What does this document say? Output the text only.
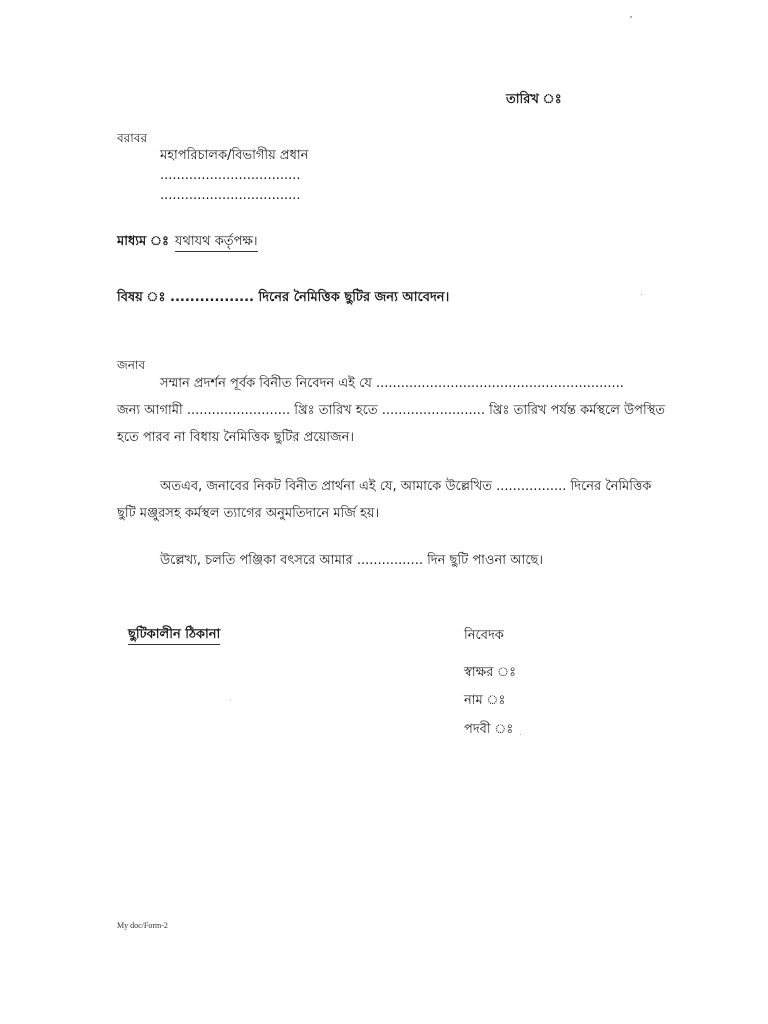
তারিখ ঃ
বরাবর
মহাপরিচালক/বিভাগীয় প্রধান
..................................
..................................
মাধ্যম ঃ যথাযথ কর্তৃপক্ষ।
বিষয় ঃ ................. দিনের নৈমিত্তিক ছুটির জন্য আবেদন।
জনাব
সম্মান প্রদর্শন পূর্বক বিনীত নিবেদন এই যে ............................................................
জন্য আগামী ......................... খ্রিঃ তারিখ হতে ......................... খ্রিঃ তারিখ পর্যন্ত কর্মস্থলে উপস্থিত
হতে পারব না বিধায় নৈমিত্তিক ছুটির প্রয়োজন।
অতএব, জনাবের নিকট বিনীত প্রার্থনা এই যে, আমাকে উল্লেখিত ................. দিনের নৈমিত্তিক
ছুটি মঞ্জুরসহ কর্মস্থল ত্যাগের অনুমতিদানে মর্জি হয়।
উল্লেখ্য, চলতি পঞ্জিকা বৎসরে আমার ................ দিন ছুটি পাওনা আছে।
ছুটিকালীন ঠিকানা	নিবেদক
স্বাক্ষর ঃ
নাম ঃ
পদবী ঃ
My doc/Form-2
